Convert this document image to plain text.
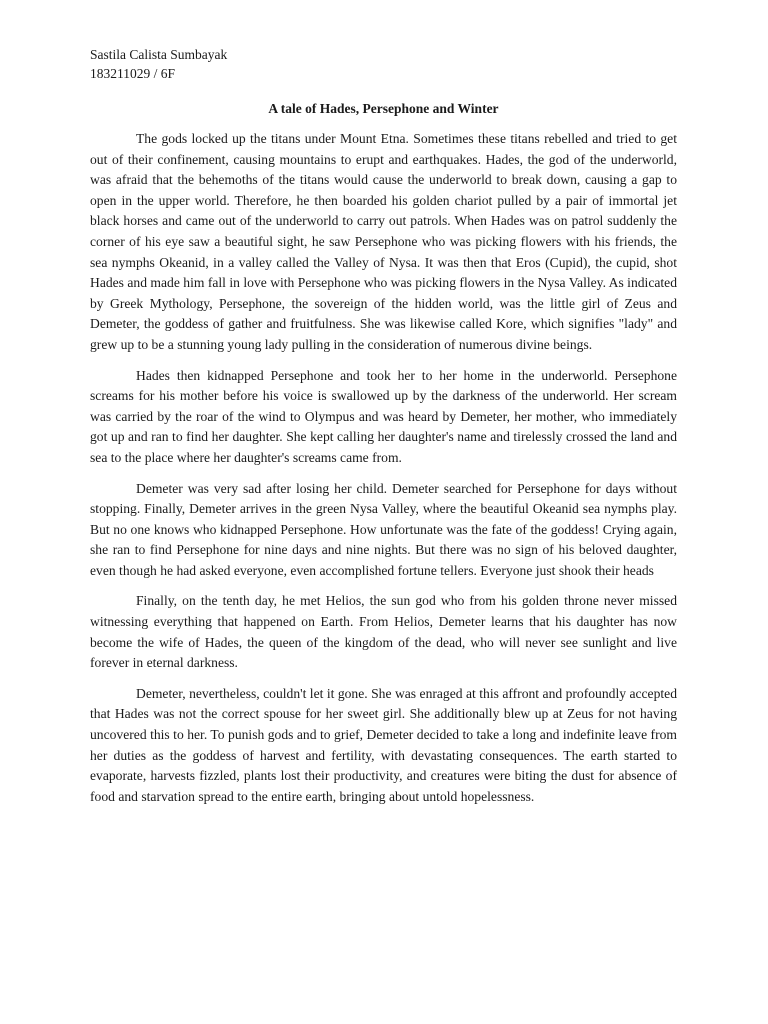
Sastila Calista Sumbayak

183211029 / 6F

A tale of Hades, Persephone and Winter

The gods locked up the titans under Mount Etna. Sometimes these titans rebelled and tried to get out of their confinement, causing mountains to erupt and earthquakes. Hades, the god of the underworld, was afraid that the behemoths of the titans would cause the underworld to break down, causing a gap to open in the upper world. Therefore, he then boarded his golden chariot pulled by a pair of immortal jet black horses and came out of the underworld to carry out patrols. When Hades was on patrol suddenly the corner of his eye saw a beautiful sight, he saw Persephone who was picking flowers with his friends, the sea nymphs Okeanid, in a valley called the Valley of Nysa. It was then that Eros (Cupid), the cupid, shot Hades and made him fall in love with Persephone who was picking flowers in the Nysa Valley. As indicated by Greek Mythology, Persephone, the sovereign of the hidden world, was the little girl of Zeus and Demeter, the goddess of gather and fruitfulness. She was likewise called Kore, which signifies "lady" and grew up to be a stunning young lady pulling in the consideration of numerous divine beings.

Hades then kidnapped Persephone and took her to her home in the underworld. Persephone screams for his mother before his voice is swallowed up by the darkness of the underworld. Her scream was carried by the roar of the wind to Olympus and was heard by Demeter, her mother, who immediately got up and ran to find her daughter. She kept calling her daughter's name and tirelessly crossed the land and sea to the place where her daughter's screams came from.

Demeter was very sad after losing her child. Demeter searched for Persephone for days without stopping. Finally, Demeter arrives in the green Nysa Valley, where the beautiful Okeanid sea nymphs play. But no one knows who kidnapped Persephone. How unfortunate was the fate of the goddess! Crying again, she ran to find Persephone for nine days and nine nights. But there was no sign of his beloved daughter, even though he had asked everyone, even accomplished fortune tellers. Everyone just shook their heads

Finally, on the tenth day, he met Helios, the sun god who from his golden throne never missed witnessing everything that happened on Earth. From Helios, Demeter learns that his daughter has now become the wife of Hades, the queen of the kingdom of the dead, who will never see sunlight and live forever in eternal darkness.

Demeter, nevertheless, couldn't let it gone. She was enraged at this affront and profoundly accepted that Hades was not the correct spouse for her sweet girl. She additionally blew up at Zeus for not having uncovered this to her. To punish gods and to grief, Demeter decided to take a long and indefinite leave from her duties as the goddess of harvest and fertility, with devastating consequences. The earth started to evaporate, harvests fizzled, plants lost their productivity, and creatures were biting the dust for absence of food and starvation spread to the entire earth, bringing about untold hopelessness.
